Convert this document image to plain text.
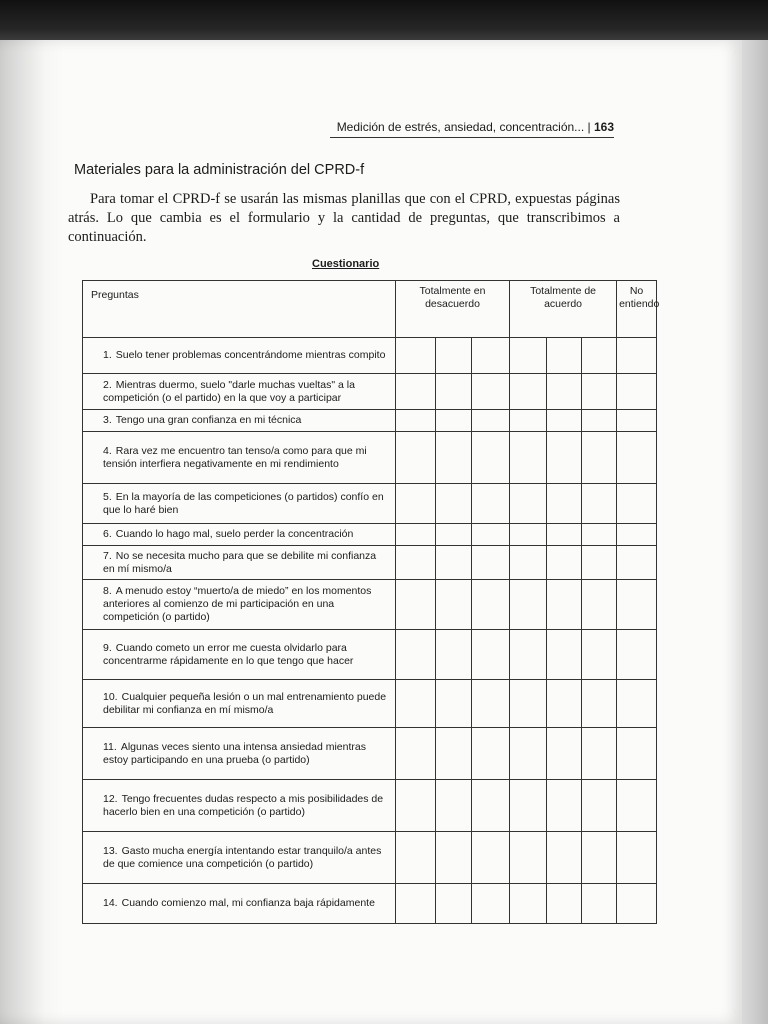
Medición de estrés, ansiedad, concentración... | 163
Materiales para la administración del CPRD-f

Para tomar el CPRD-f se usarán las mismas planillas que con el CPRD, expuestas páginas atrás. Lo que cambia es el formulario y la cantidad de preguntas, que transcribimos a continuación.

Cuestionario
Preguntas	Totalmente en desacuerdo			Totalmente de acuerdo			No entiendo
1. Suelo tener problemas concentrándome mientras compito							
2. Mientras duermo, suelo "darle muchas vueltas" a la competición (o el partido) en la que voy a participar							
3. Tengo una gran confianza en mi técnica							
4. Rara vez me encuentro tan tenso/a como para que mi tensión interfiera negativamente en mi rendimiento							
5. En la mayoría de las competiciones (o partidos) confío en que lo haré bien							
6. Cuando lo hago mal, suelo perder la concentración							
7. No se necesita mucho para que se debilite mi confianza en mí mismo/a							
8. A menudo estoy “muerto/a de miedo” en los momentos anteriores al comienzo de mi participación en una competición (o partido)							
9. Cuando cometo un error me cuesta olvidarlo para concentrarme rápidamente en lo que tengo que hacer							
10. Cualquier pequeña lesión o un mal entrenamiento puede debilitar mi confianza en mí mismo/a							
11. Algunas veces siento una intensa ansiedad mientras estoy participando en una prueba (o partido)							
12. Tengo frecuentes dudas respecto a mis posibilidades de hacerlo bien en una competición (o partido)							
13. Gasto mucha energía intentando estar tranquilo/a antes de que comience una competición (o partido)							
14. Cuando comienzo mal, mi confianza baja rápidamente							
